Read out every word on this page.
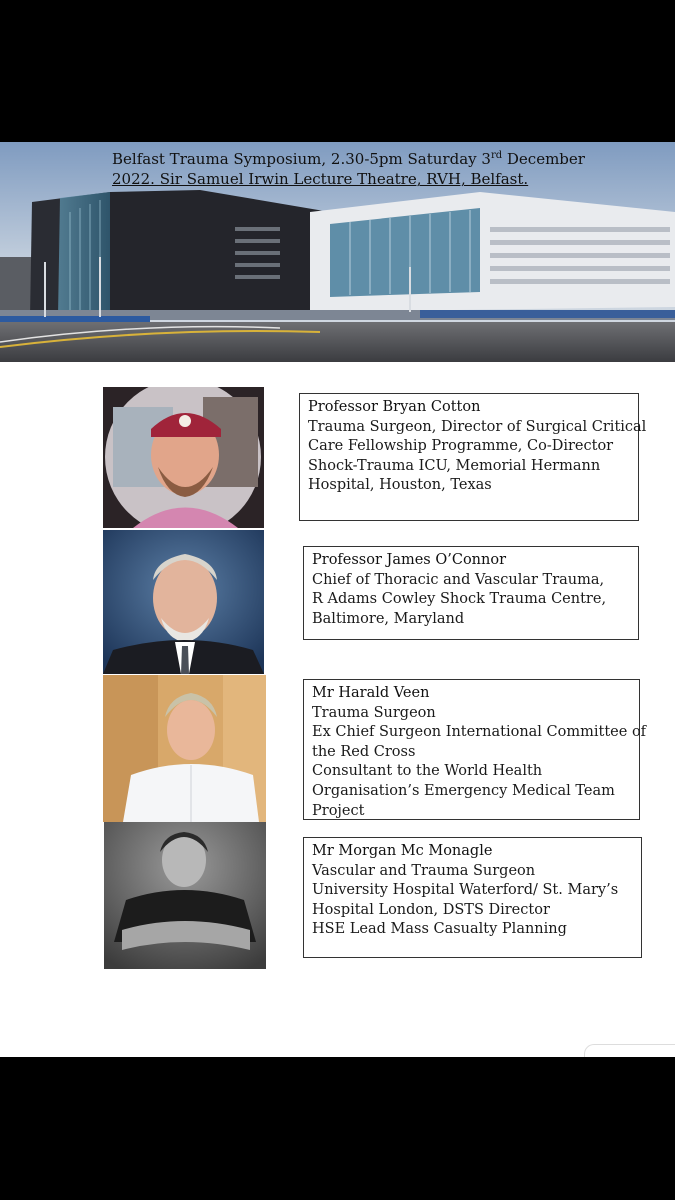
Belfast Trauma Symposium, 2.30-5pm Saturday 3rd December
2022. Sir Samuel Irwin Lecture Theatre, RVH, Belfast.
Professor Bryan Cotton
Trauma Surgeon, Director of Surgical Critical
Care Fellowship Programme, Co-Director
Shock-Trauma ICU, Memorial Hermann
Hospital, Houston, Texas
Professor James O’Connor
Chief of Thoracic and Vascular Trauma,
R Adams Cowley Shock Trauma Centre,
Baltimore, Maryland
Mr Harald Veen
Trauma Surgeon
Ex Chief Surgeon International Committee of
the Red Cross
Consultant to the World Health
Organisation’s Emergency Medical Team
Project
Mr Morgan Mc Monagle
Vascular and Trauma Surgeon
University Hospital Waterford/ St. Mary’s
Hospital London, DSTS Director
HSE Lead Mass Casualty Planning
